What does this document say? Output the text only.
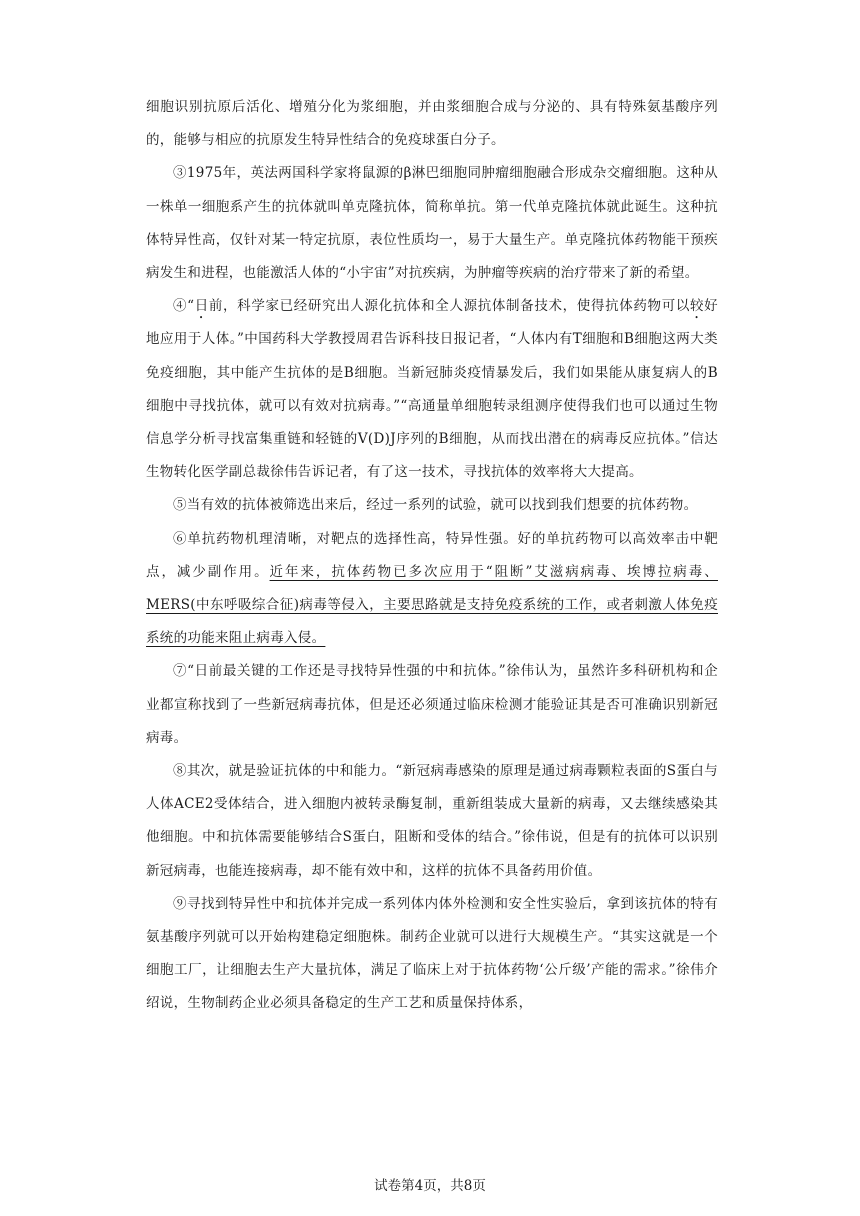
细胞识别抗原后活化、增殖分化为浆细胞，并由浆细胞合成与分泌的、具有特殊氨基酸序列的，能够与相应的抗原发生特异性结合的免疫球蛋白分子。

③1975年，英法两国科学家将鼠源的β淋巴细胞同肿瘤细胞融合形成杂交瘤细胞。这种从一株单一细胞系产生的抗体就叫单克隆抗体，简称单抗。第一代单克隆抗体就此诞生。这种抗体特异性高，仅针对某一特定抗原，表位性质均一，易于大量生产。单克隆抗体药物能干预疾病发生和进程，也能激活人体的“小宇宙”对抗疾病，为肿瘤等疾病的治疗带来了新的希望。

④“日前，科学家已经研究出人源化抗体和全人源抗体制备技术，使得抗体药物可以较好地应用于人体。”中国药科大学教授周君告诉科技日报记者，“人体内有T细胞和B细胞这两大类免疫细胞，其中能产生抗体的是B细胞。当新冠肺炎疫情暴发后，我们如果能从康复病人的B细胞中寻找抗体，就可以有效对抗病毒。”“高通量单细胞转录组测序使得我们也可以通过生物信息学分析寻找富集重链和轻链的V(D)J序列的B细胞，从而找出潜在的病毒反应抗体。”信达生物转化医学副总裁徐伟告诉记者，有了这一技术，寻找抗体的效率将大大提高。

⑤当有效的抗体被筛选出来后，经过一系列的试验，就可以找到我们想要的抗体药物。

⑥单抗药物机理清晰，对靶点的选择性高，特异性强。好的单抗药物可以高效率击中靶点，减少副作用。近年来，抗体药物已多次应用于“阻断”艾滋病病毒、埃博拉病毒、MERS(中东呼吸综合征)病毒等侵入，主要思路就是支持免疫系统的工作，或者刺激人体免疫系统的功能来阻止病毒入侵。

⑦“日前最关键的工作还是寻找特异性强的中和抗体。”徐伟认为，虽然许多科研机构和企业都宣称找到了一些新冠病毒抗体，但是还必须通过临床检测才能验证其是否可准确识别新冠病毒。

⑧其次，就是验证抗体的中和能力。“新冠病毒感染的原理是通过病毒颗粒表面的S蛋白与人体ACE2受体结合，进入细胞内被转录酶复制，重新组装成大量新的病毒，又去继续感染其他细胞。中和抗体需要能够结合S蛋白，阻断和受体的结合。”徐伟说，但是有的抗体可以识别新冠病毒，也能连接病毒，却不能有效中和，这样的抗体不具备药用价值。

⑨寻找到特异性中和抗体并完成一系列体内体外检测和安全性实验后，拿到该抗体的特有氨基酸序列就可以开始构建稳定细胞株。制药企业就可以进行大规模生产。“其实这就是一个细胞工厂，让细胞去生产大量抗体，满足了临床上对于抗体药物‘公斤级’产能的需求。”徐伟介绍说，生物制药企业必须具备稳定的生产工艺和质量保持体系，

试卷第4页，共8页
